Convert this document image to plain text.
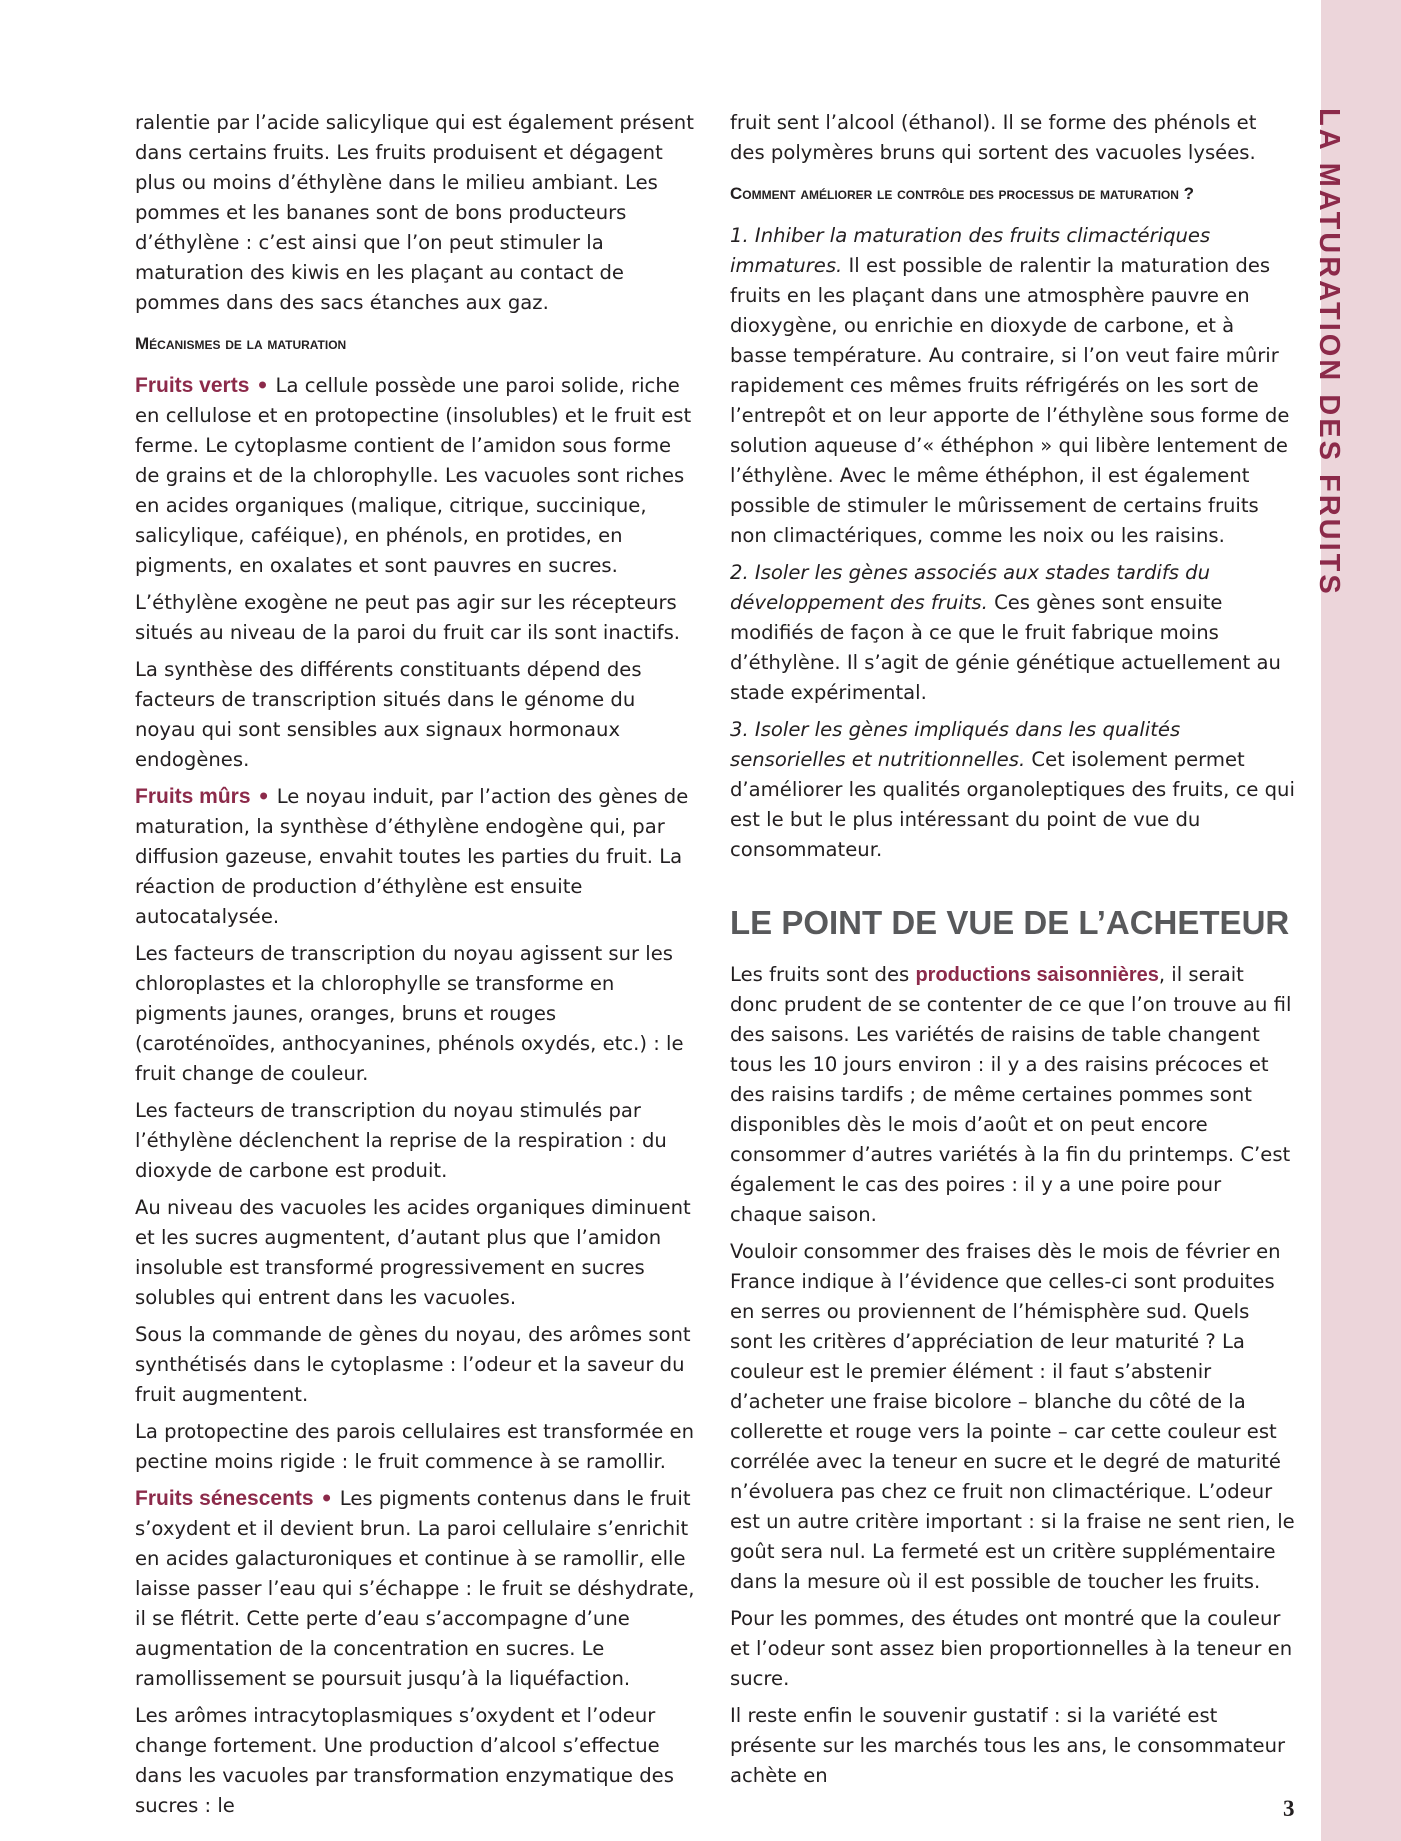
LA MATURATION DES FRUITS

ralentie par l’acide salicylique qui est également présent dans certains fruits. Les fruits produisent et dégagent plus ou moins d’éthylène dans le milieu ambiant. Les pommes et les bananes sont de bons producteurs d’éthylène : c’est ainsi que l’on peut stimuler la maturation des kiwis en les plaçant au contact de pommes dans des sacs étanches aux gaz.

Mécanismes de la maturation

Fruits verts • La cellule possède une paroi solide, riche en cellulose et en protopectine (insolubles) et le fruit est ferme. Le cytoplasme contient de l’amidon sous forme de grains et de la chlorophylle. Les vacuoles sont riches en acides organiques (malique, citrique, succinique, salicylique, caféique), en phénols, en protides, en pigments, en oxalates et sont pauvres en sucres.

L’éthylène exogène ne peut pas agir sur les récepteurs situés au niveau de la paroi du fruit car ils sont inactifs.

La synthèse des différents constituants dépend des facteurs de transcription situés dans le génome du noyau qui sont sensibles aux signaux hormonaux endogènes.

Fruits mûrs • Le noyau induit, par l’action des gènes de maturation, la synthèse d’éthylène endogène qui, par diffusion gazeuse, envahit toutes les parties du fruit. La réaction de production d’éthylène est ensuite autocatalysée.

Les facteurs de transcription du noyau agissent sur les chloroplastes et la chlorophylle se transforme en pigments jaunes, oranges, bruns et rouges (caroténoïdes, anthocyanines, phénols oxydés, etc.) : le fruit change de couleur.

Les facteurs de transcription du noyau stimulés par l’éthylène déclenchent la reprise de la respiration : du dioxyde de carbone est produit.

Au niveau des vacuoles les acides organiques diminuent et les sucres augmentent, d’autant plus que l’amidon insoluble est transformé progressivement en sucres solubles qui entrent dans les vacuoles.

Sous la commande de gènes du noyau, des arômes sont synthétisés dans le cytoplasme : l’odeur et la saveur du fruit augmentent.

La protopectine des parois cellulaires est transformée en pectine moins rigide : le fruit commence à se ramollir.

Fruits sénescents • Les pigments contenus dans le fruit s’oxydent et il devient brun. La paroi cellulaire s’enrichit en acides galacturoniques et continue à se ramollir, elle laisse passer l’eau qui s’échappe : le fruit se déshydrate, il se flétrit. Cette perte d’eau s’accompagne d’une augmentation de la concentration en sucres. Le ramollissement se poursuit jusqu’à la liquéfaction.

Les arômes intracytoplasmiques s’oxydent et l’odeur change fortement. Une production d’alcool s’effectue dans les vacuoles par transformation enzymatique des sucres : le

fruit sent l’alcool (éthanol). Il se forme des phénols et des polymères bruns qui sortent des vacuoles lysées.

Comment améliorer le contrôle des processus de maturation ?

1. Inhiber la maturation des fruits climactériques immatures. Il est possible de ralentir la maturation des fruits en les plaçant dans une atmosphère pauvre en dioxygène, ou enrichie en dioxyde de carbone, et à basse température. Au contraire, si l’on veut faire mûrir rapidement ces mêmes fruits réfrigérés on les sort de l’entrepôt et on leur apporte de l’éthylène sous forme de solution aqueuse d’« éthéphon » qui libère lentement de l’éthylène. Avec le même éthéphon, il est également possible de stimuler le mûrissement de certains fruits non climactériques, comme les noix ou les raisins.

2. Isoler les gènes associés aux stades tardifs du développement des fruits. Ces gènes sont ensuite modifiés de façon à ce que le fruit fabrique moins d’éthylène. Il s’agit de génie génétique actuellement au stade expérimental.

3. Isoler les gènes impliqués dans les qualités sensorielles et nutritionnelles. Cet isolement permet d’améliorer les qualités organoleptiques des fruits, ce qui est le but le plus intéressant du point de vue du consommateur.

LE POINT DE VUE DE L’ACHETEUR

Les fruits sont des productions saisonnières, il serait donc prudent de se contenter de ce que l’on trouve au fil des saisons. Les variétés de raisins de table changent tous les 10 jours environ : il y a des raisins précoces et des raisins tardifs ; de même certaines pommes sont disponibles dès le mois d’août et on peut encore consommer d’autres variétés à la fin du printemps. C’est également le cas des poires : il y a une poire pour chaque saison.

Vouloir consommer des fraises dès le mois de février en France indique à l’évidence que celles-ci sont produites en serres ou proviennent de l’hémisphère sud. Quels sont les critères d’appréciation de leur maturité ? La couleur est le premier élément : il faut s’abstenir d’acheter une fraise bicolore – blanche du côté de la collerette et rouge vers la pointe – car cette couleur est corrélée avec la teneur en sucre et le degré de maturité n’évoluera pas chez ce fruit non climactérique. L’odeur est un autre critère important : si la fraise ne sent rien, le goût sera nul. La fermeté est un critère supplémentaire dans la mesure où il est possible de toucher les fruits.

Pour les pommes, des études ont montré que la couleur et l’odeur sont assez bien proportionnelles à la teneur en sucre.

Il reste enfin le souvenir gustatif : si la variété est présente sur les marchés tous les ans, le consommateur achète en

3
